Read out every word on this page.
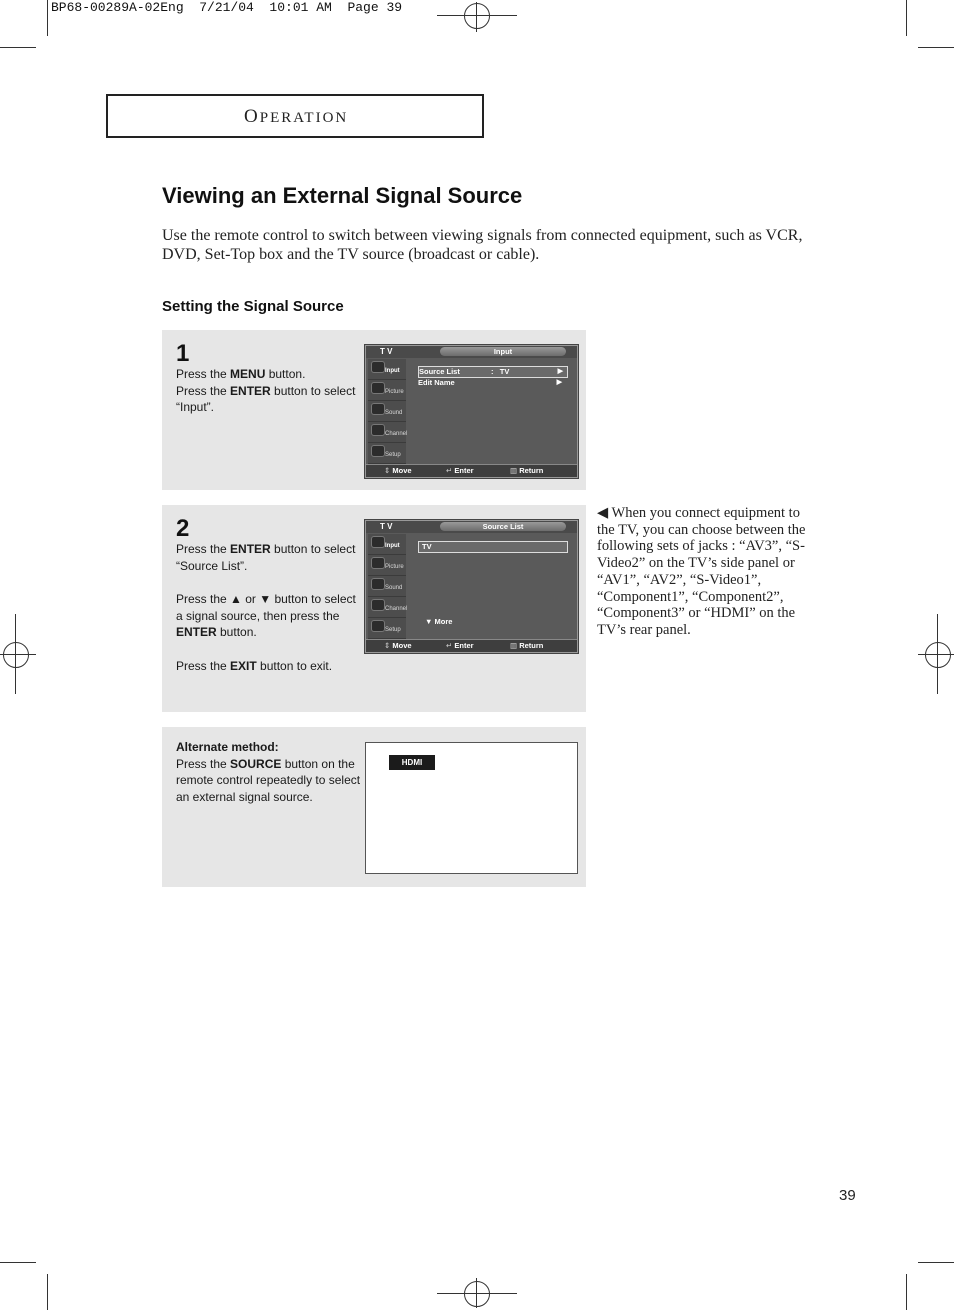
BP68-00289A-02Eng  7/21/04  10:01 AM  Page 39
OPERATION
Viewing an External Signal Source
Use the remote control to switch between viewing signals from connected equipment, such as VCR, DVD, Set-Top box and the TV source (broadcast or cable).
Setting the Signal Source
1
Press the MENU button.
Press the ENTER button to select “Input”.
T V	Input
Input
Picture
Sound
Channel
Setup
Source List	: TV	▶
Edit Name	▶
⇕ Move	↵ Enter	▥ Return
2
Press the ENTER button to select “Source List”.
Press the ▲ or ▼ button to select a signal source, then press the ENTER button.
Press the EXIT button to exit.
T V	Source List
Input
Picture
Sound
Channel
Setup
TV
▼ More
⇕ Move	↵ Enter	▥ Return
Alternate method:
Press the SOURCE button on the remote control repeatedly to select an external signal source.
HDMI
◀ When you connect equipment to the TV, you can choose between the following sets of jacks : “AV3”, “S-Video2” on the TV’s side panel or “AV1”, “AV2”, “S-Video1”, “Component1”, “Component2”, “Component3” or “HDMI” on the TV’s rear panel.
39
